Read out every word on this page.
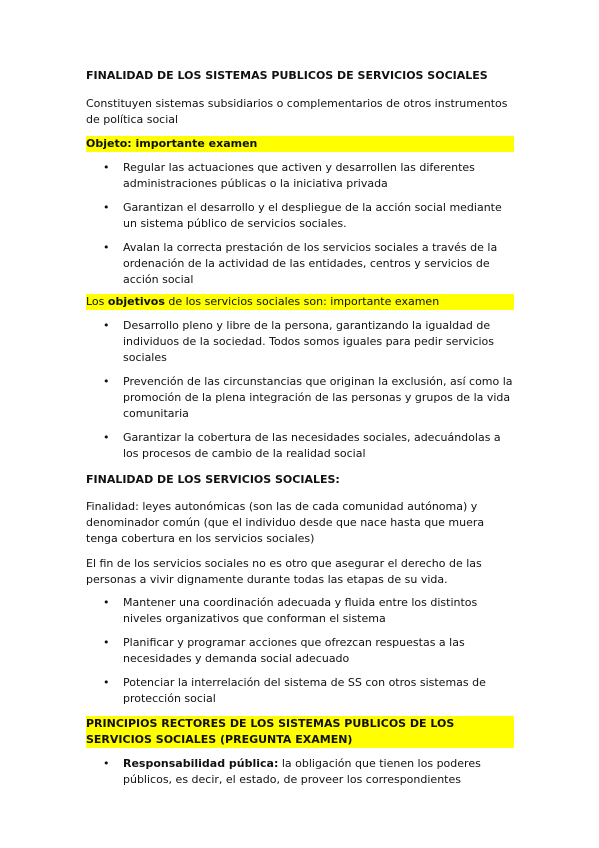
FINALIDAD DE LOS SISTEMAS PUBLICOS DE SERVICIOS SOCIALES

Constituyen sistemas subsidiarios o complementarios de otros instrumentos de política social

Objeto: importante examen

• Regular las actuaciones que activen y desarrollen las diferentes administraciones públicas o la iniciativa privada
• Garantizan el desarrollo y el despliegue de la acción social mediante un sistema público de servicios sociales.
• Avalan la correcta prestación de los servicios sociales a través de la ordenación de la actividad de las entidades, centros y servicios de acción social

Los objetivos de los servicios sociales son: importante examen

• Desarrollo pleno y libre de la persona, garantizando la igualdad de individuos de la sociedad. Todos somos iguales para pedir servicios sociales
• Prevención de las circunstancias que originan la exclusión, así como la promoción de la plena integración de las personas y grupos de la vida comunitaria
• Garantizar la cobertura de las necesidades sociales, adecuándolas a los procesos de cambio de la realidad social

FINALIDAD DE LOS SERVICIOS SOCIALES:

Finalidad: leyes autonómicas (son las de cada comunidad autónoma) y denominador común (que el individuo desde que nace hasta que muera tenga cobertura en los servicios sociales)

El fin de los servicios sociales no es otro que asegurar el derecho de las personas a vivir dignamente durante todas las etapas de su vida.

• Mantener una coordinación adecuada y fluida entre los distintos niveles organizativos que conforman el sistema
• Planificar y programar acciones que ofrezcan respuestas a las necesidades y demanda social adecuado
• Potenciar la interrelación del sistema de SS con otros sistemas de protección social

PRINCIPIOS RECTORES DE LOS SISTEMAS PUBLICOS DE LOS SERVICIOS SOCIALES (PREGUNTA EXAMEN)

• Responsabilidad pública: la obligación que tienen los poderes públicos, es decir, el estado, de proveer los correspondientes
